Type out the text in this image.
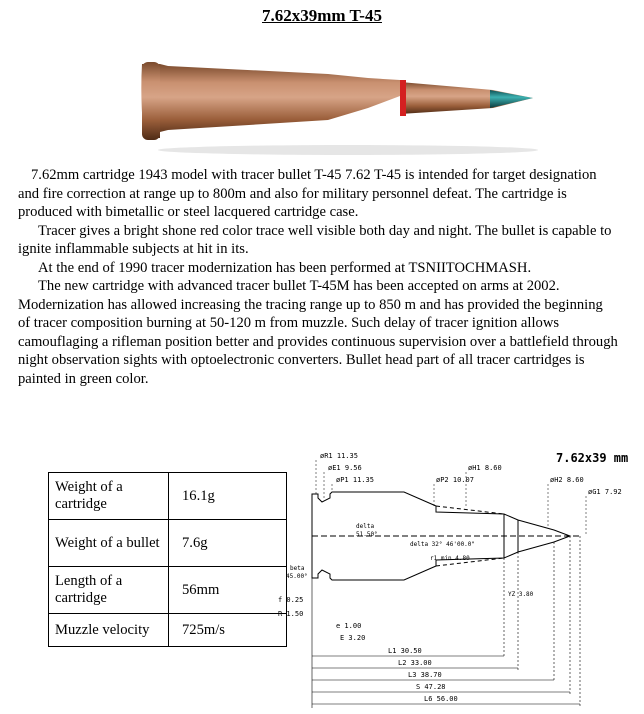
7.62x39mm T-45

7.62mm cartridge 1943 model with tracer bullet T-45 7.62 T-45 is intended for target designation and fire correction at range up to 800m and also for military personnel defeat. The cartridge is produced with bimetallic or steel lacquered cartridge case.

Tracer gives a bright shone red color trace well visible both day and night. The bullet is capable to ignite inflammable subjects at hit in its.

At the end of 1990 tracer modernization has been performed at TSNIITOCHMASH.

The new cartridge with advanced tracer bullet T-45M has been accepted on arms at 2002. Modernization has allowed increasing the tracing range up to 850 m and has provided the beginning of tracer composition burning at 50-120 m from muzzle. Such delay of tracer ignition allows camouflaging a rifleman position better and provides continuous supervision over a battlefield through night observation sights with optoelectronic converters. Bullet head part of all tracer cartridges is painted in green color.

Weight of a cartridge	16.1g
Weight of a bullet	7.6g
Length of a cartridge	56mm
Muzzle velocity	725m/s
7.62x39 mm
øR1 11.35
øE1 9.56
øP1 11.35
øH1 8.60
øP2 10.07	øH2 8.60
øG1 7.92
delta
51.50°
delta 32° 46'00.0"
r1 min 4.80
beta
45.00°
YZ 3.80
f 0.25
R 1.50
e 1.00
E 3.20
L1 30.50
L2 33.00
L3 38.70
S 47.28
L6 56.00
